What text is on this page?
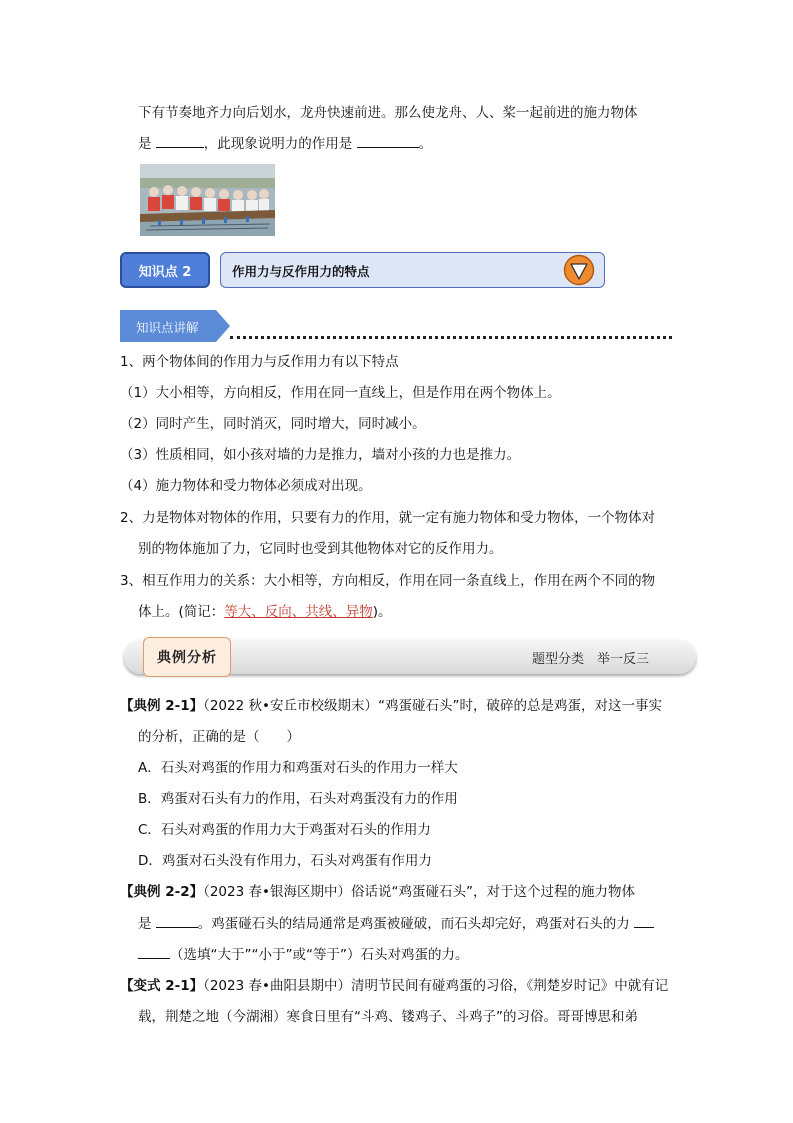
下有节奏地齐力向后划水，龙舟快速前进。那么使龙舟、人、桨一起前进的施力物体
是	，此现象说明力的作用是	。
知识点 2	作用力与反作用力的特点
知识点讲解
1、两个物体间的作用力与反作用力有以下特点
（1）大小相等，方向相反，作用在同一直线上，但是作用在两个物体上。
（2）同时产生，同时消灭，同时增大，同时减小。
（3）性质相同，如小孩对墙的力是推力，墙对小孩的力也是推力。
（4）施力物体和受力物体必须成对出现。
2、力是物体对物体的作用，只要有力的作用，就一定有施力物体和受力物体，一个物体对
别的物体施加了力，它同时也受到其他物体对它的反作用力。
3、相互作用力的关系：大小相等，方向相反，作用在同一条直线上，作用在两个不同的物
体上。(简记：等大、反向、共线、异物)。
典例分析	题型分类　举一反三
【典例 2-1】（2022 秋•安丘市校级期末）“鸡蛋碰石头”时，破碎的总是鸡蛋，对这一事实
的分析，正确的是（　　）
A．石头对鸡蛋的作用力和鸡蛋对石头的作用力一样大
B．鸡蛋对石头有力的作用，石头对鸡蛋没有力的作用
C．石头对鸡蛋的作用力大于鸡蛋对石头的作用力
D．鸡蛋对石头没有作用力，石头对鸡蛋有作用力
【典例 2-2】（2023 春•银海区期中）俗话说“鸡蛋碰石头”，对于这个过程的施力物体
是	。鸡蛋碰石头的结局通常是鸡蛋被碰破，而石头却完好，鸡蛋对石头的力
（选填“大于”“小于”或“等于”）石头对鸡蛋的力。
【变式 2-1】（2023 春•曲阳县期中）清明节民间有碰鸡蛋的习俗，《荆楚岁时记》中就有记
载，荆楚之地（今湖湘）寒食日里有“斗鸡、镂鸡子、斗鸡子”的习俗。哥哥博思和弟
